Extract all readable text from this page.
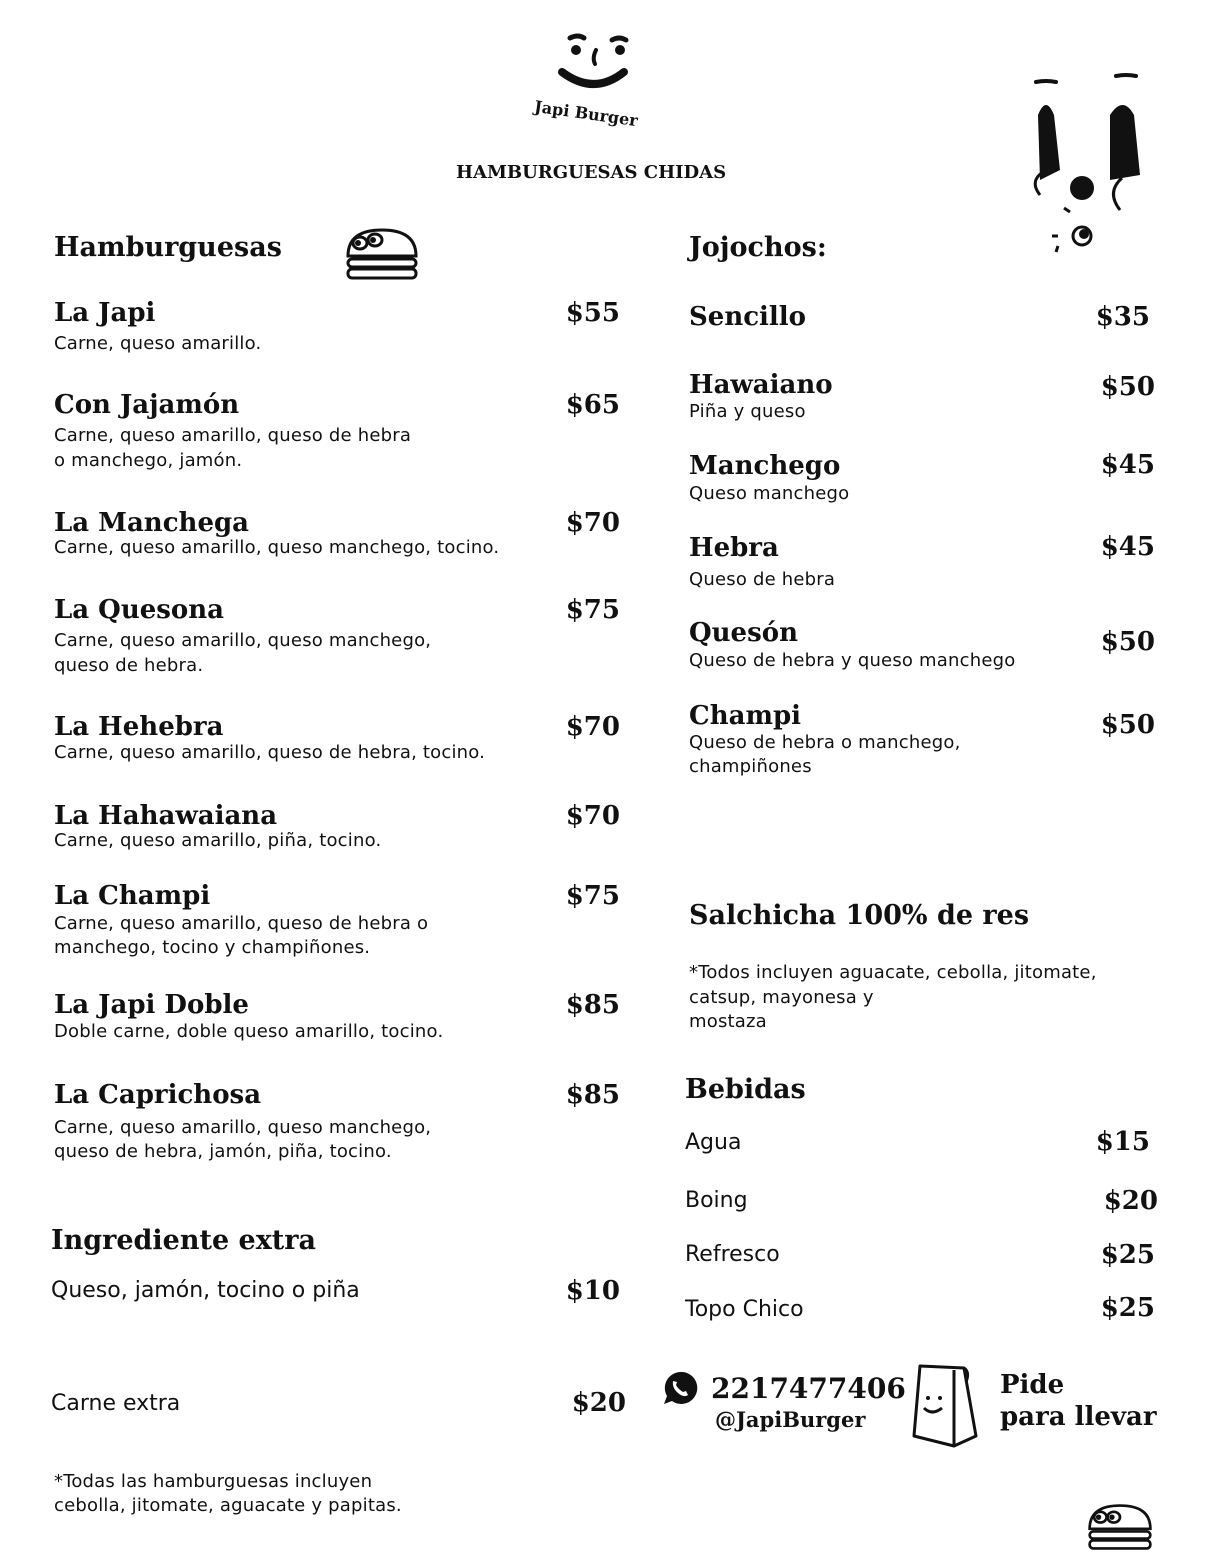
Japi Burger
HAMBURGUESAS CHIDAS
Hamburguesas
La Japi	$55
Carne, queso amarillo.
Con Jajamón	$65
Carne, queso amarillo, queso de hebra
o manchego, jamón.
La Manchega	$70
Carne, queso amarillo, queso manchego, tocino.
La Quesona	$75
Carne, queso amarillo, queso manchego,
queso de hebra.
La Hehebra	$70
Carne, queso amarillo, queso de hebra, tocino.
La Hahawaiana	$70
Carne, queso amarillo, piña, tocino.
La Champi	$75
Carne, queso amarillo, queso de hebra o
manchego, tocino y champiñones.
La Japi Doble	$85
Doble carne, doble queso amarillo, tocino.
La Caprichosa	$85
Carne, queso amarillo, queso manchego,
queso de hebra, jamón, piña, tocino.
Ingrediente extra
Queso, jamón, tocino o piña	$10
Carne extra	$20
*Todas las hamburguesas incluyen
cebolla, jitomate, aguacate y papitas.
Jojochos:
Sencillo	$35
Hawaiano	$50
Piña y queso
Manchego	$45
Queso manchego
Hebra	$45
Queso de hebra
Quesón	$50
Queso de hebra y queso manchego
Champi	$50
Queso de hebra o manchego,
champiñones
Salchicha 100% de res
*Todos incluyen aguacate, cebolla, jitomate,
catsup, mayonesa y
mostaza
Bebidas
Agua	$15
Boing	$20
Refresco	$25
Topo Chico	$25
2217477406
@JapiBurger
Pide
para llevar
